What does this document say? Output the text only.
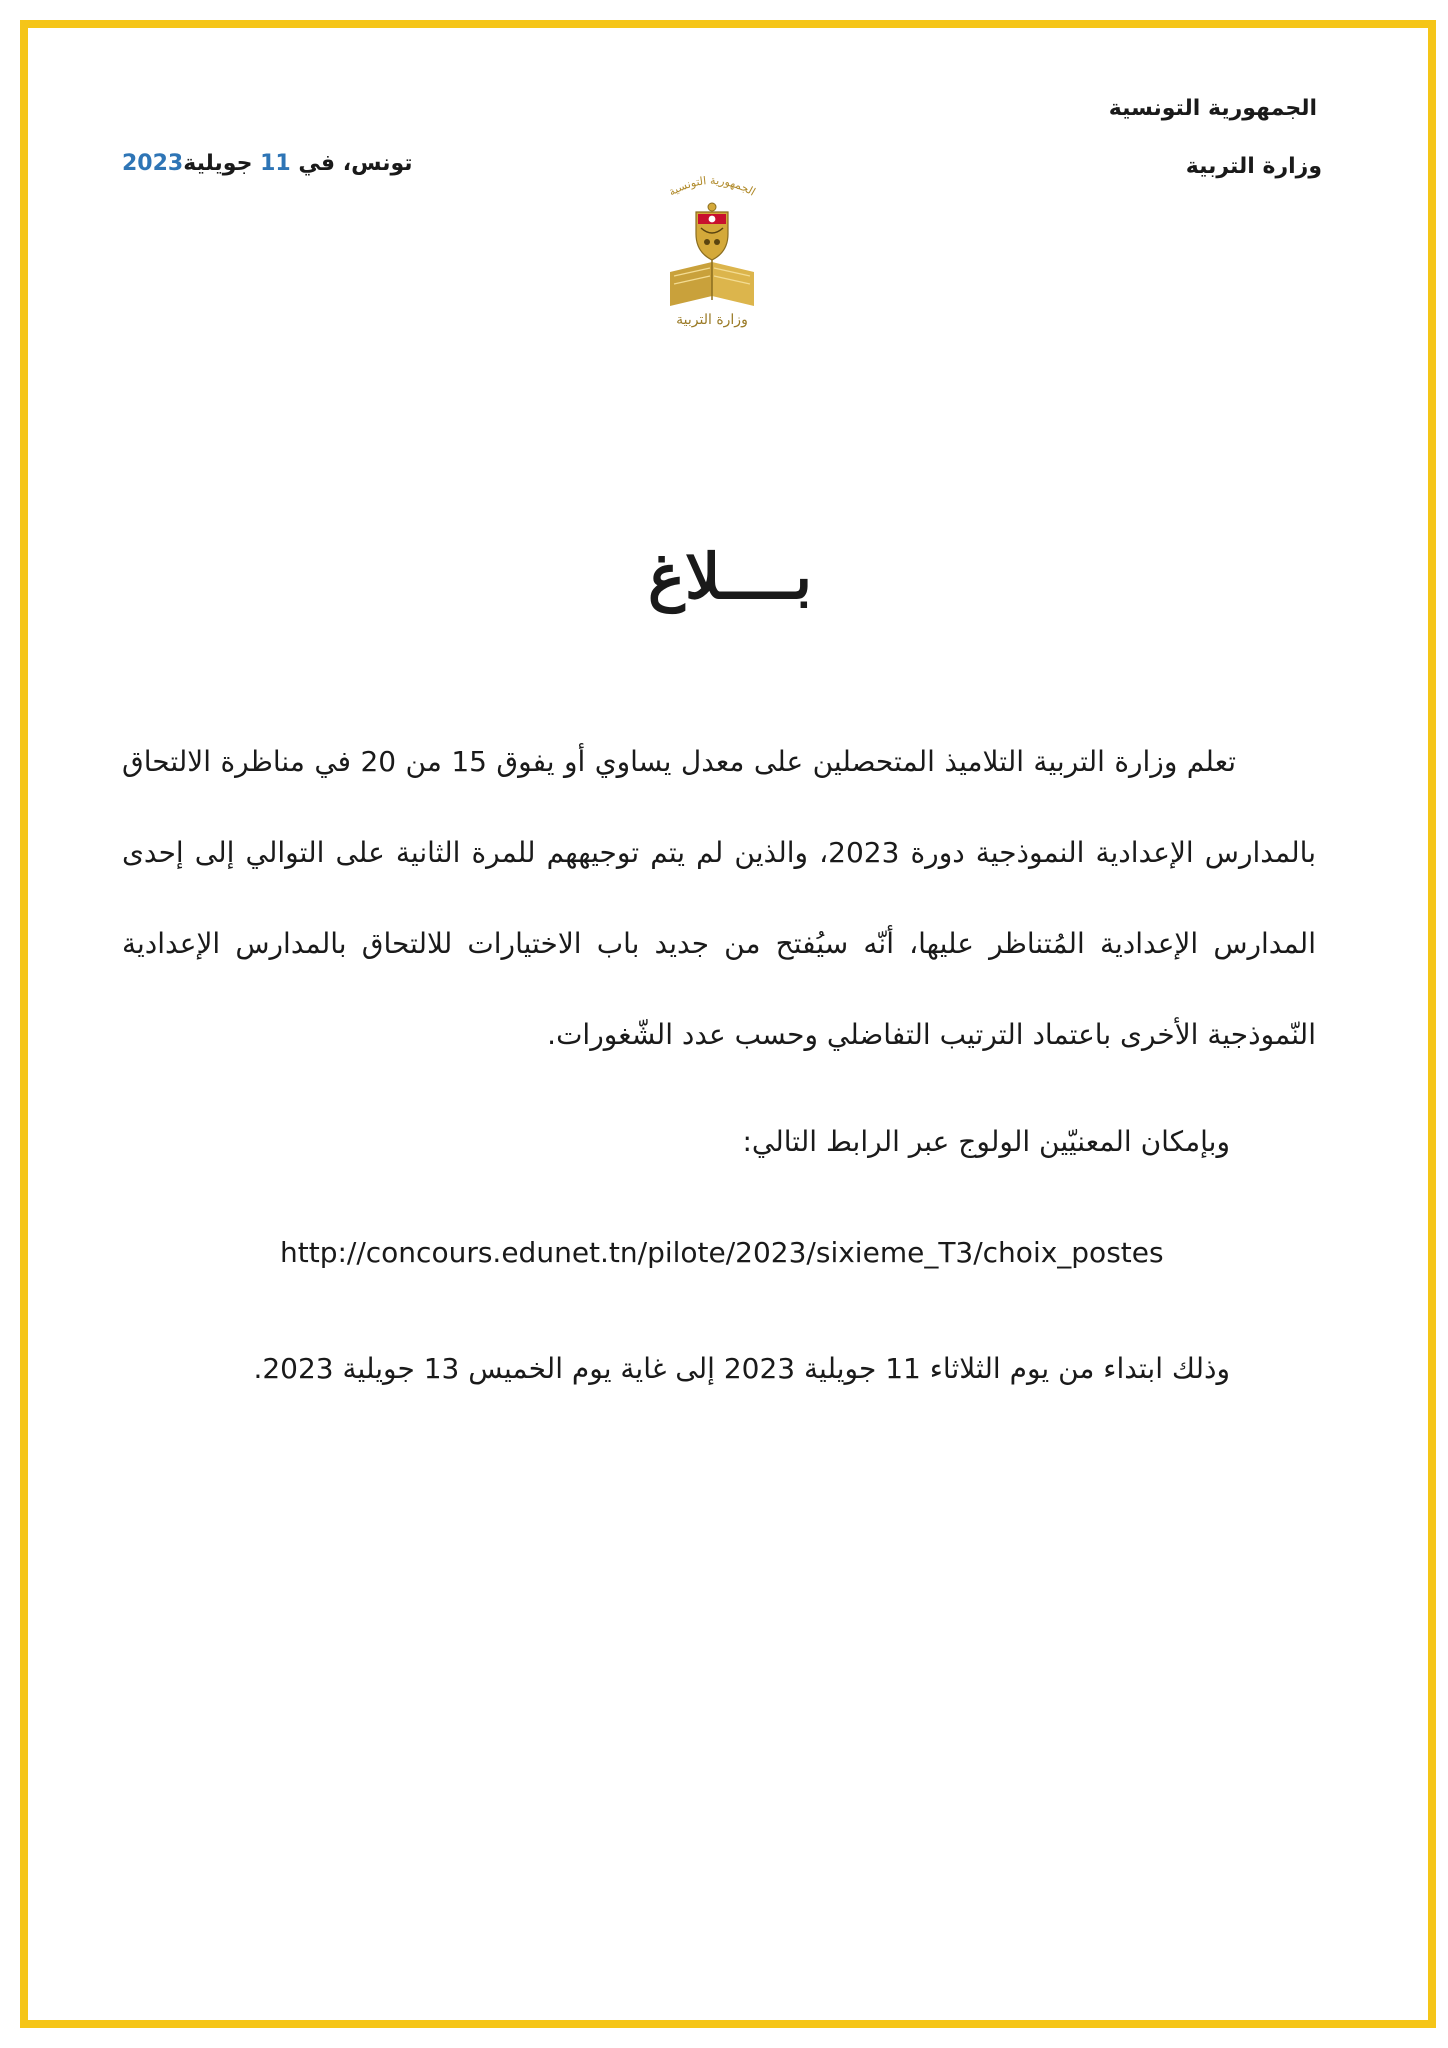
الجمهورية التونسية
وزارة التربية
تونس، في 11 جويلية2023
الجمهورية التونسية
وزارة التربية
بــــلاغ

تعلم وزارة التربية التلاميذ المتحصلين على معدل يساوي أو يفوق 15 من 20 في مناظرة الالتحاق بالمدارس الإعدادية النموذجية دورة 2023، والذين لم يتم توجيههم للمرة الثانية على التوالي إلى إحدى المدارس الإعدادية المُتناظر عليها، أنّه سيُفتح من جديد باب الاختيارات للالتحاق بالمدارس الإعدادية النّموذجية الأخرى باعتماد الترتيب التفاضلي وحسب عدد الشّغورات.

وبإمكان المعنيّين الولوج عبر الرابط التالي:
http://concours.edunet.tn/pilote/2023/sixieme_T3/choix_postes
وذلك ابتداء من يوم الثلاثاء 11 جويلية 2023 إلى غاية يوم الخميس 13 جويلية 2023.
